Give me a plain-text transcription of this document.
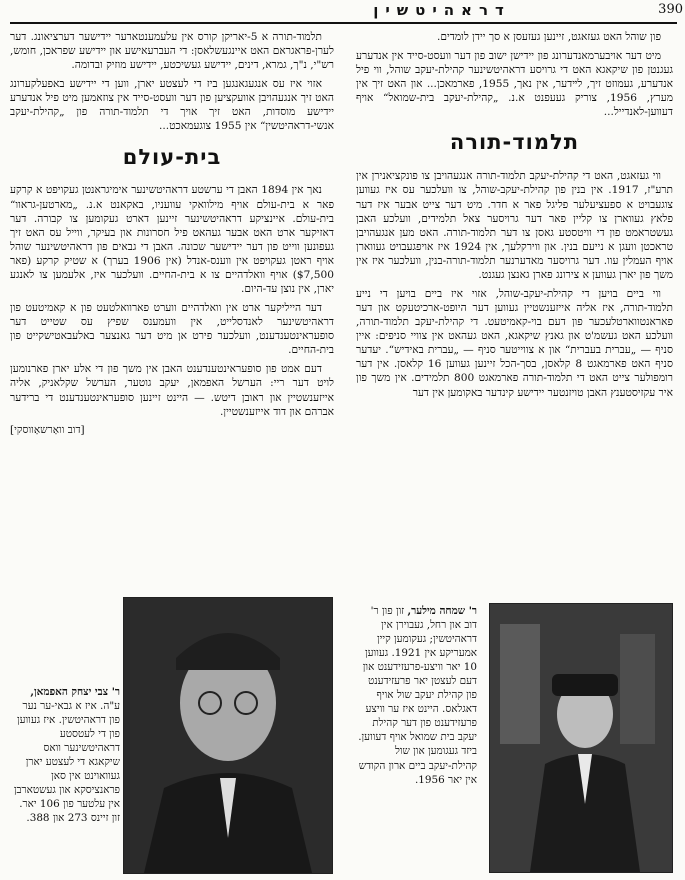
דראהיטשין	390

פון שוהל האט געזאגט, זיינען געזעסן א סך יידן לומדים.

מיט דער אויבערמאנדערונג פון יידישן ישוב פון דער וועסט-סייד אין אנדערע געגנטן פון שיקאגא האט די גרויסע דראהיטשינער קהילת-יעקב שוהל, ווי פיל אנדערע, געמוזט זיך, לײדער, אין נאך, 1955, פארמאכן... און האט זיך אין מערץ, 1956, צוריק געעפנט א.נ. „קהילת-יעקב בית-שמואל“ אויף דעווען-לאנדייל...

תלמוד-תורה

ווי געזאגט, האט די קהילת-יעקב תלמוד-תורה אנגעהויבן צו פונקציאנירן אין תרע"ז, 1917. אין בנין פון קהילת-יעקב-שוהל, צו וועלכער עס איז געווען צוגעבויט א ספעציעלער פליגל פאר א חדר. מיט דער צייט אבער איז דער פלאץ געווארן צו קליין פאר דער גרויסער צאל תלמידים, וועלכע האבן געשטראמט פון די וויטסטע גאסן צו דער תלמוד-תורה. האט מען אנגעהויבן טראכטן וועגן א נייעם בנין. און ווירקלעך, אין 1924 איז אויפגעבויט געווארן אויף העמלין עוו. דער גרויסער מאדערנער תלמוד-תורה-בנין, וועלכער איז אין משך פון יארן געווען א צירונג פארן גאנצן געגנט.

ווי ביים בויען די קהילת-יעקב-שוהל, אזוי איז ביים בויען די נייע תלמוד-תורה, איז אליה אייזענשטיין געווען דער היופט-ארכיטעקט און דער פאראנטווארטלעכער פון דעם בוי-קאמיטעט. די קהילת-יעקב תלמוד-תורה, וועלכע האט געשמ'ט און גאנץ שיקאגא, האט געהאט אין צוויי סניפים: איין סניף — „עברית בעברית“ און א צווייטער סניף — „עברית באידיש“. יעדער סניף האט פארמאגט 8 קלאסן, בסך-הכל זיינען געווען 16 קלאסן. אין דער רומפולער צייט האט די תלמוד-תורה פארמאגט 800 תלמידים. אין משך פון איר עקזיסטענץ האבן טויזנטער יידישע קינדער באקומען אין דער

תלמוד-תורה א 5-יאריקן קורס אין עלעמענטארער יידישער דערציאונג. דער לערן-פראגראם האט איינגעשלאסן: די העברעאישע און יידישע שפראכן, חומש, רש"י, נ"ך, גמרא, דינים, יידישע געשיכטע, יידישע מוזיק ובדומה.

אזוי איז עס אנגעגאנגען ביז די לעצטע יארן, ווען די יידישע באפעלקערונג האט זיך אנגעהויבן אוועקציען פון דער וועסט-סייד אין צוזאמען מיט פיל אנדערע יידישע מוסדות, האט זיך אויך די תלמוד-תורה פון „קהילת-יעקב אנשי-דראהיטשין“ אין 1955 צוגעמאכט...

בית-עולם

נאך אין 1894 האבן די ערשטע דראהיטשינער אימיגראנטן געקויפט א קרקע פאר א בית-עולם אויף מילוואקי עוועניו, באקאנט א.נ. „מארטען-גראוו“ בית-עולם. איינציקע דראהיטשינער זיינען דארט געקומען צו קבורה. דער דאזיקער ארט האט אבער געהאט פיל חסרונות און בעיקר, ווייל עס האט זיך געפונען ווייט פון דער יידישער שכונה. האבן די גבאים פון דראהיטשינער שוהל אויף ראטן געקויפט אין ווענס-אנדל (אין 1906 בערך) א שטיק קרקע (פאר $7,500) אויף וואלדהיים צו א בית-החיים. וועלכער איז, אלעמען צו לאנגע יארן, אין נוצן עד-היום.

דער הייליקער ארט אין וואלדהיים ווערט פארוואלטעט פון א קאמיטעט פון דראהיטשינער לאנדסלייט, אין וועמענס שפיץ עס שטייט דער סופעראינטענדענט, וועלכער פירט אן מיט דער גאנצער באלעבאטישקייט פון בית-החיים.

דעם אמט פון סופעראינטענדענט האבן אין משך פון די אלע יארן פארנומען לויט דער ריי: הערשל האפמאן, יעקב גוטער, הערשל שקלאניק, אליה אייזענשטיין און ראובן דיטש. — היינט זיינען סופעראינטענדענט די ברידער אברהם און דוד אייזענשטיין.

[דוב וואַרשאַווסקי]
ר' שמחה מילער, זון פון ר' דוב און רחל, געבוירן אין דראהיטשין; געקומען קיין אמעריקע אין 1921. געווען 10 יאר וויצע-פרעזידענט און דעם לעצטן יאר פרעזידענט פון קהילת יעקב שול אויף דאגלאס. היינט איז ער וויצע פרעזידענט פון דער קהילת יעקב בית שמואל אויף דעווען. ביזד געגומען און שול קהילת-יעקב ביים ארון הקודש אין יאר 1956.
ר' צבי יצחק האפמאן, ע"ה. איז א גבאי-ער נער פון דראהיטשין. איז געווען פון די לעטסטע דראהיטשינער וואס שיקאגא די לעצטע יארן געוואוינט אין סאן פראנציסקא און געשטארבן אין עלטער פון 106 יאר. זון זיינס 273 און 388.
